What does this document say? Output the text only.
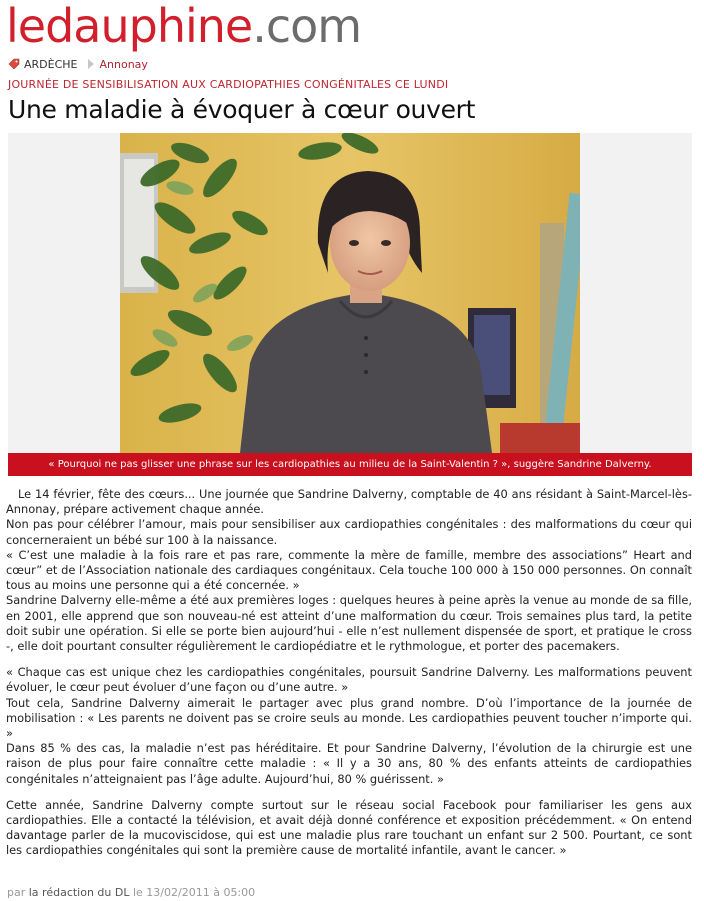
ledauphine.com
ARDÈCHE Annonay
JOURNÉE DE SENSIBILISATION AUX CARDIOPATHIES CONGÉNITALES CE LUNDI
Une maladie à évoquer à cœur ouvert
« Pourquoi ne pas glisser une phrase sur les cardiopathies au milieu de la Saint-Valentin ? », suggère Sandrine Dalverny.

Le 14 février, fête des cœurs... Une journée que Sandrine Dalverny, comptable de 40 ans résidant à Saint-Marcel-lès-Annonay, prépare activement chaque année.

Non pas pour célébrer l’amour, mais pour sensibiliser aux cardiopathies congénitales : des malformations du cœur qui concerneraient un bébé sur 100 à la naissance.

« C’est une maladie à la fois rare et pas rare, commente la mère de famille, membre des associations” Heart and cœur” et de l’Association nationale des cardiaques congénitaux. Cela touche 100 000 à 150 000 personnes. On connaît tous au moins une personne qui a été concernée. »

Sandrine Dalverny elle-même a été aux premières loges : quelques heures à peine après la venue au monde de sa fille, en 2001, elle apprend que son nouveau-né est atteint d’une malformation du cœur. Trois semaines plus tard, la petite doit subir une opération. Si elle se porte bien aujourd’hui - elle n’est nullement dispensée de sport, et pratique le cross -, elle doit pourtant consulter régulièrement le cardiopédiatre et le rythmologue, et porter des pacemakers.

« Chaque cas est unique chez les cardiopathies congénitales, poursuit Sandrine Dalverny. Les malformations peuvent évoluer, le cœur peut évoluer d’une façon ou d’une autre. »

Tout cela, Sandrine Dalverny aimerait le partager avec plus grand nombre. D’où l’importance de la journée de mobilisation : « Les parents ne doivent pas se croire seuls au monde. Les cardiopathies peuvent toucher n’importe qui. »

Dans 85 % des cas, la maladie n’est pas héréditaire. Et pour Sandrine Dalverny, l’évolution de la chirurgie est une raison de plus pour faire connaître cette maladie : « Il y a 30 ans, 80 % des enfants atteints de cardiopathies congénitales n’atteignaient pas l’âge adulte. Aujourd’hui, 80 % guérissent. »

Cette année, Sandrine Dalverny compte surtout sur le réseau social Facebook pour familiariser les gens aux cardiopathies. Elle a contacté la télévision, et avait déjà donné conférence et exposition précédemment. « On entend davantage parler de la mucoviscidose, qui est une maladie plus rare touchant un enfant sur 2 500. Pourtant, ce sont les cardiopathies congénitales qui sont la première cause de mortalité infantile, avant le cancer. »

par la rédaction du DL le 13/02/2011 à 05:00
